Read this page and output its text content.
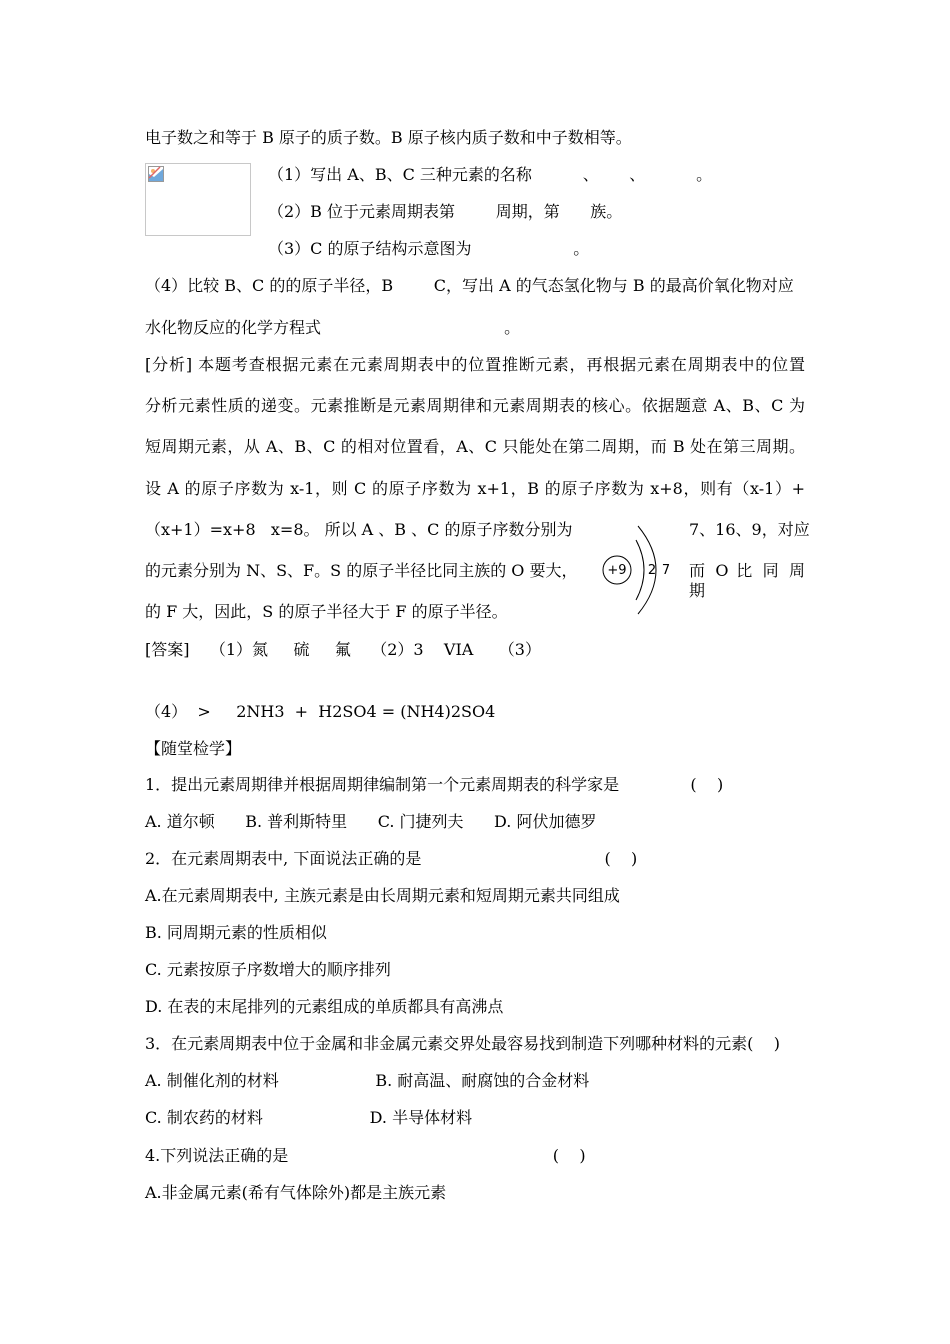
电子数之和等于 B 原子的质子数。B 原子核内质子数和中子数相等。
（1）写出 A、B、C 三种元素的名称          、      、          。
（2）B 位于元素周期表第        周期，第      族。
（3）C 的原子结构示意图为                    。
（4）比较 B、C 的的原子半径，B        C，写出 A 的气态氢化物与 B 的最高价氧化物对应
水化物反应的化学方程式                                    。
[分析] 本题考查根据元素在元素周期表中的位置推断元素，再根据元素在周期表中的位置
分析元素性质的递变。元素推断是元素周期律和元素周期表的核心。依据题意 A、B、C 为
短周期元素，从 A、B、C 的相对位置看，A、C 只能处在第二周期，而 B 处在第三周期。
设 A 的原子序数为 x-1，则 C 的原子序数为 x+1，B 的原子序数为 x+8，则有（x-1）+
（x+1）=x+8   x=8。 所以 A 、B 、C 的原子序数分别为	7、16、9，对应
的元素分别为 N、S、F。S 的原子半径比同主族的 O 要大，	而 O 比 同 周 期
的 F 大，因此，S 的原子半径大于 F 的原子半径。
+9 2 7
[答案]    （1）氮     硫     氟    （2）3    VIA     （3）
（4）  >     2NH3  +  H2SO4 = (NH4)2SO4
【随堂检学】
1．提出元素周期律并根据周期律编制第一个元素周期表的科学家是              (    )
A. 道尔顿      B. 普利斯特里      C. 门捷列夫      D. 阿伏加德罗
2．在元素周期表中, 下面说法正确的是                                    (    )
A.在元素周期表中, 主族元素是由长周期元素和短周期元素共同组成
B. 同周期元素的性质相似
C. 元素按原子序数增大的顺序排列
D. 在表的末尾排列的元素组成的单质都具有高沸点
3．在元素周期表中位于金属和非金属元素交界处最容易找到制造下列哪种材料的元素(    )
A. 制催化剂的材料                   B. 耐高温、耐腐蚀的合金材料
C. 制农药的材料                     D. 半导体材料
4.下列说法正确的是                                                    (    )
A.非金属元素(希有气体除外)都是主族元素
